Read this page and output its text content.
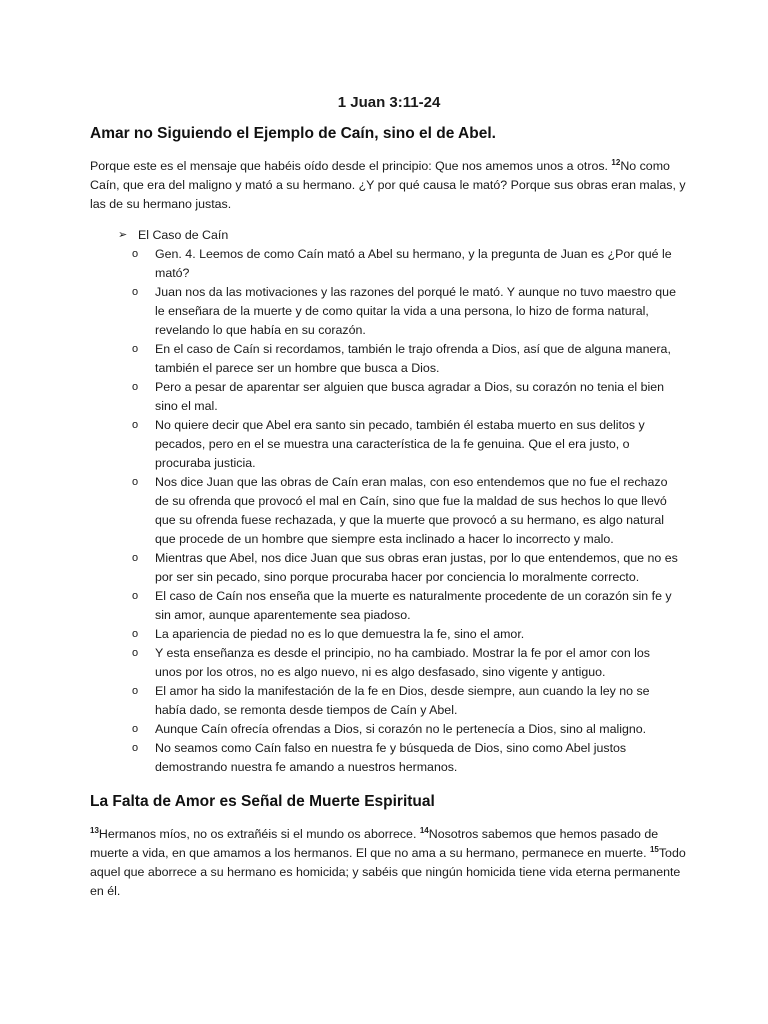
1 Juan 3:11-24
Amar no Siguiendo el Ejemplo de Caín, sino el de Abel.

Porque este es el mensaje que habéis oído desde el principio: Que nos amemos unos a otros. $^{12}$No como Caín, que era del maligno y mató a su hermano. ¿Y por qué causa le mató? Porque sus obras eran malas, y las de su hermano justas.

➢ El Caso de Caín
o Gen. 4. Leemos de como Caín mató a Abel su hermano, y la pregunta de Juan es ¿Por qué le mató?
o Juan nos da las motivaciones y las razones del porqué le mató. Y aunque no tuvo maestro que le enseñara de la muerte y de como quitar la vida a una persona, lo hizo de forma natural, revelando lo que había en su corazón.
o En el caso de Caín si recordamos, también le trajo ofrenda a Dios, así que de alguna manera, también el parece ser un hombre que busca a Dios.
o Pero a pesar de aparentar ser alguien que busca agradar a Dios, su corazón no tenia el bien sino el mal.
o No quiere decir que Abel era santo sin pecado, también él estaba muerto en sus delitos y pecados, pero en el se muestra una característica de la fe genuina. Que el era justo, o procuraba justicia.
o Nos dice Juan que las obras de Caín eran malas, con eso entendemos que no fue el rechazo de su ofrenda que provocó el mal en Caín, sino que fue la maldad de sus hechos lo que llevó que su ofrenda fuese rechazada, y que la muerte que provocó a su hermano, es algo natural que procede de un hombre que siempre esta inclinado a hacer lo incorrecto y malo.
o Mientras que Abel, nos dice Juan que sus obras eran justas, por lo que entendemos, que no es por ser sin pecado, sino porque procuraba hacer por conciencia lo moralmente correcto.
o El caso de Caín nos enseña que la muerte es naturalmente procedente de un corazón sin fe y sin amor, aunque aparentemente sea piadoso.
o La apariencia de piedad no es lo que demuestra la fe, sino el amor.
o Y esta enseñanza es desde el principio, no ha cambiado. Mostrar la fe por el amor con los unos por los otros, no es algo nuevo, ni es algo desfasado, sino vigente y antiguo.
o El amor ha sido la manifestación de la fe en Dios, desde siempre, aun cuando la ley no se había dado, se remonta desde tiempos de Caín y Abel.
o Aunque Caín ofrecía ofrendas a Dios, si corazón no le pertenecía a Dios, sino al maligno.
o No seamos como Caín falso en nuestra fe y búsqueda de Dios, sino como Abel justos demostrando nuestra fe amando a nuestros hermanos.
La Falta de Amor es Señal de Muerte Espiritual

$^{13}$Hermanos míos, no os extrañéis si el mundo os aborrece. $^{14}$Nosotros sabemos que hemos pasado de muerte a vida, en que amamos a los hermanos. El que no ama a su hermano, permanece en muerte. $^{15}$Todo aquel que aborrece a su hermano es homicida; y sabéis que ningún homicida tiene vida eterna permanente en él.
